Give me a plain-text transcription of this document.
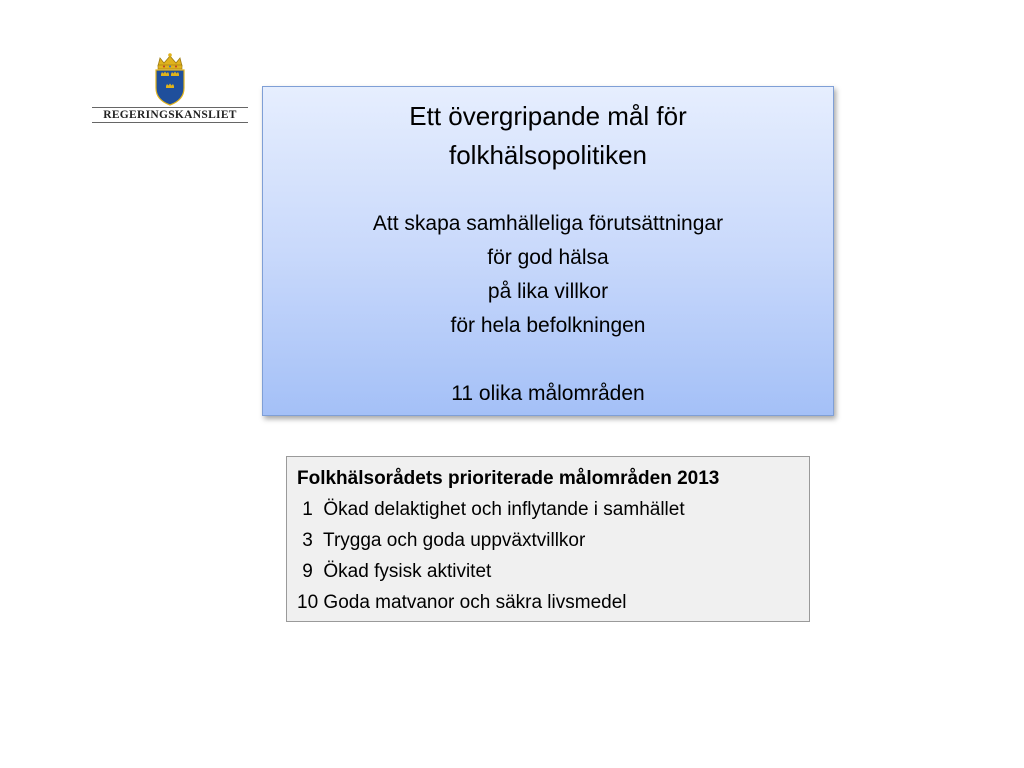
REGERINGSKANSLIET	Ett övergripande mål för
folkhälsopolitiken
Att skapa samhälleliga förutsättningar
för god hälsa
på lika villkor
för hela befolkningen
11 olika målområden
Folkhälsorådets prioriterade målområden 2013
1  Ökad delaktighet och inflytande i samhället
3  Trygga och goda uppväxtvillkor
9  Ökad fysisk aktivitet
10 Goda matvanor och säkra livsmedel
